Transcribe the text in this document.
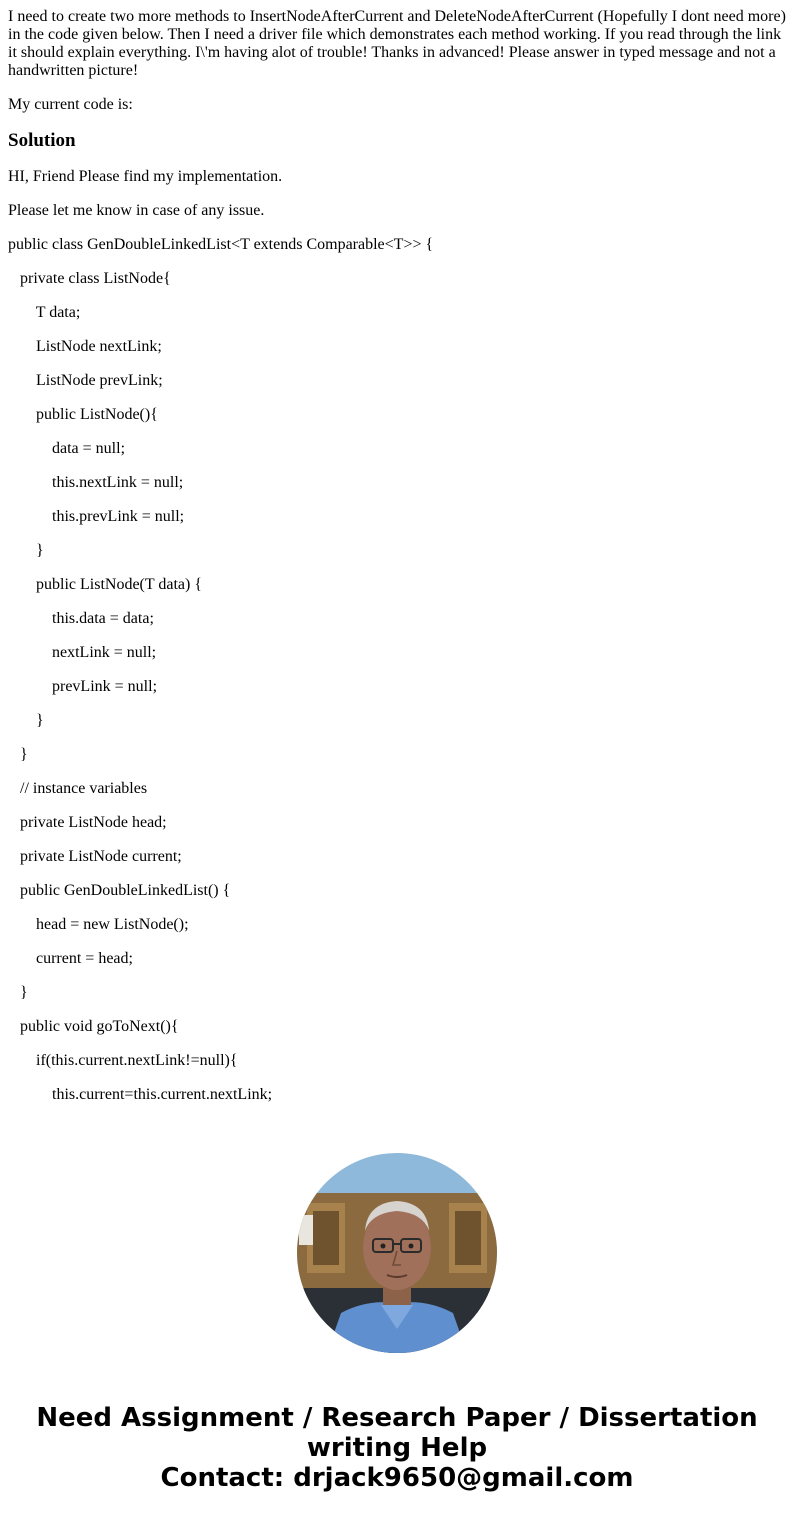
I need to create two more methods to InsertNodeAfterCurrent and DeleteNodeAfterCurrent (Hopefully I dont need more) in the code given below. Then I need a driver file which demonstrates each method working. If you read through the link it should explain everything. I\'m having alot of trouble! Thanks in advanced! Please answer in typed message and not a handwritten picture!
My current code is:
Solution
HI, Friend Please find my implementation.
Please let me know in case of any issue.
public class GenDoubleLinkedList<T extends Comparable<T>> {
private class ListNode{
T data;
ListNode nextLink;
ListNode prevLink;
public ListNode(){
data = null;
this.nextLink = null;
this.prevLink = null;
}
public ListNode(T data) {
this.data = data;
nextLink = null;
prevLink = null;
}
}
// instance variables
private ListNode head;
private ListNode current;
public GenDoubleLinkedList() {
head = new ListNode();
current = head;
}
public void goToNext(){
if(this.current.nextLink!=null){
this.current=this.current.nextLink;
Need Assignment / Research Paper / Dissertation
writing Help
Contact: drjack9650@gmail.com
